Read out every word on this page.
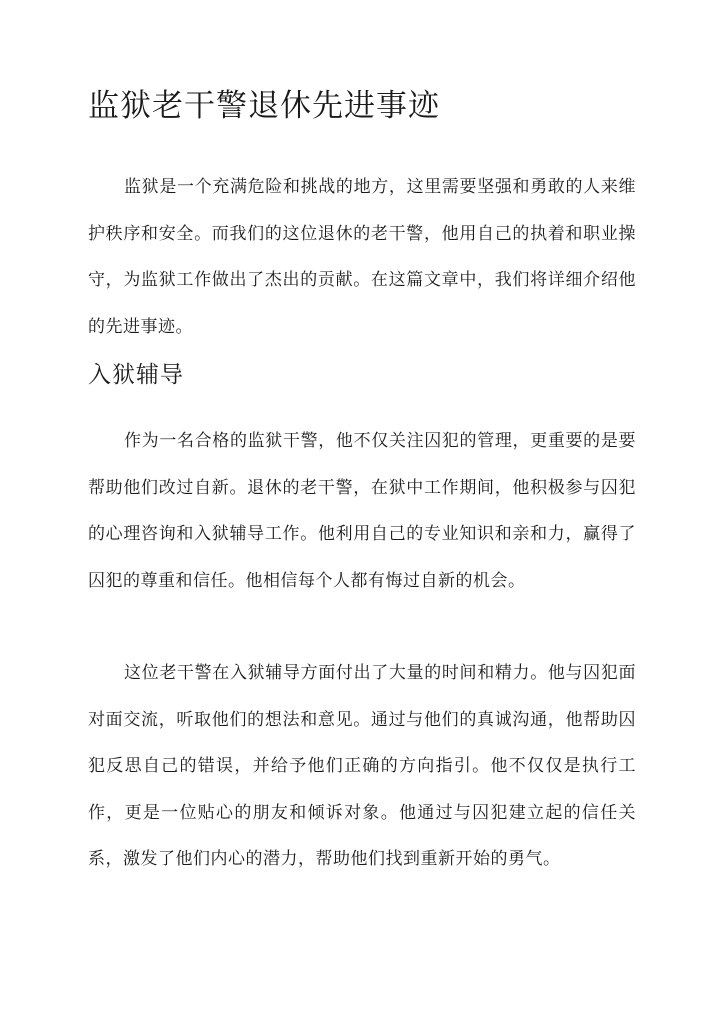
监狱老干警退休先进事迹

监狱是一个充满危险和挑战的地方，这里需要坚强和勇敢的人来维护秩序和安全。而我们的这位退休的老干警，他用自己的执着和职业操守，为监狱工作做出了杰出的贡献。在这篇文章中，我们将详细介绍他的先进事迹。

入狱辅导

作为一名合格的监狱干警，他不仅关注囚犯的管理，更重要的是要帮助他们改过自新。退休的老干警，在狱中工作期间，他积极参与囚犯的心理咨询和入狱辅导工作。他利用自己的专业知识和亲和力，赢得了囚犯的尊重和信任。他相信每个人都有悔过自新的机会。

这位老干警在入狱辅导方面付出了大量的时间和精力。他与囚犯面对面交流，听取他们的想法和意见。通过与他们的真诚沟通，他帮助囚犯反思自己的错误，并给予他们正确的方向指引。他不仅仅是执行工作，更是一位贴心的朋友和倾诉对象。他通过与囚犯建立起的信任关系，激发了他们内心的潜力，帮助他们找到重新开始的勇气。
